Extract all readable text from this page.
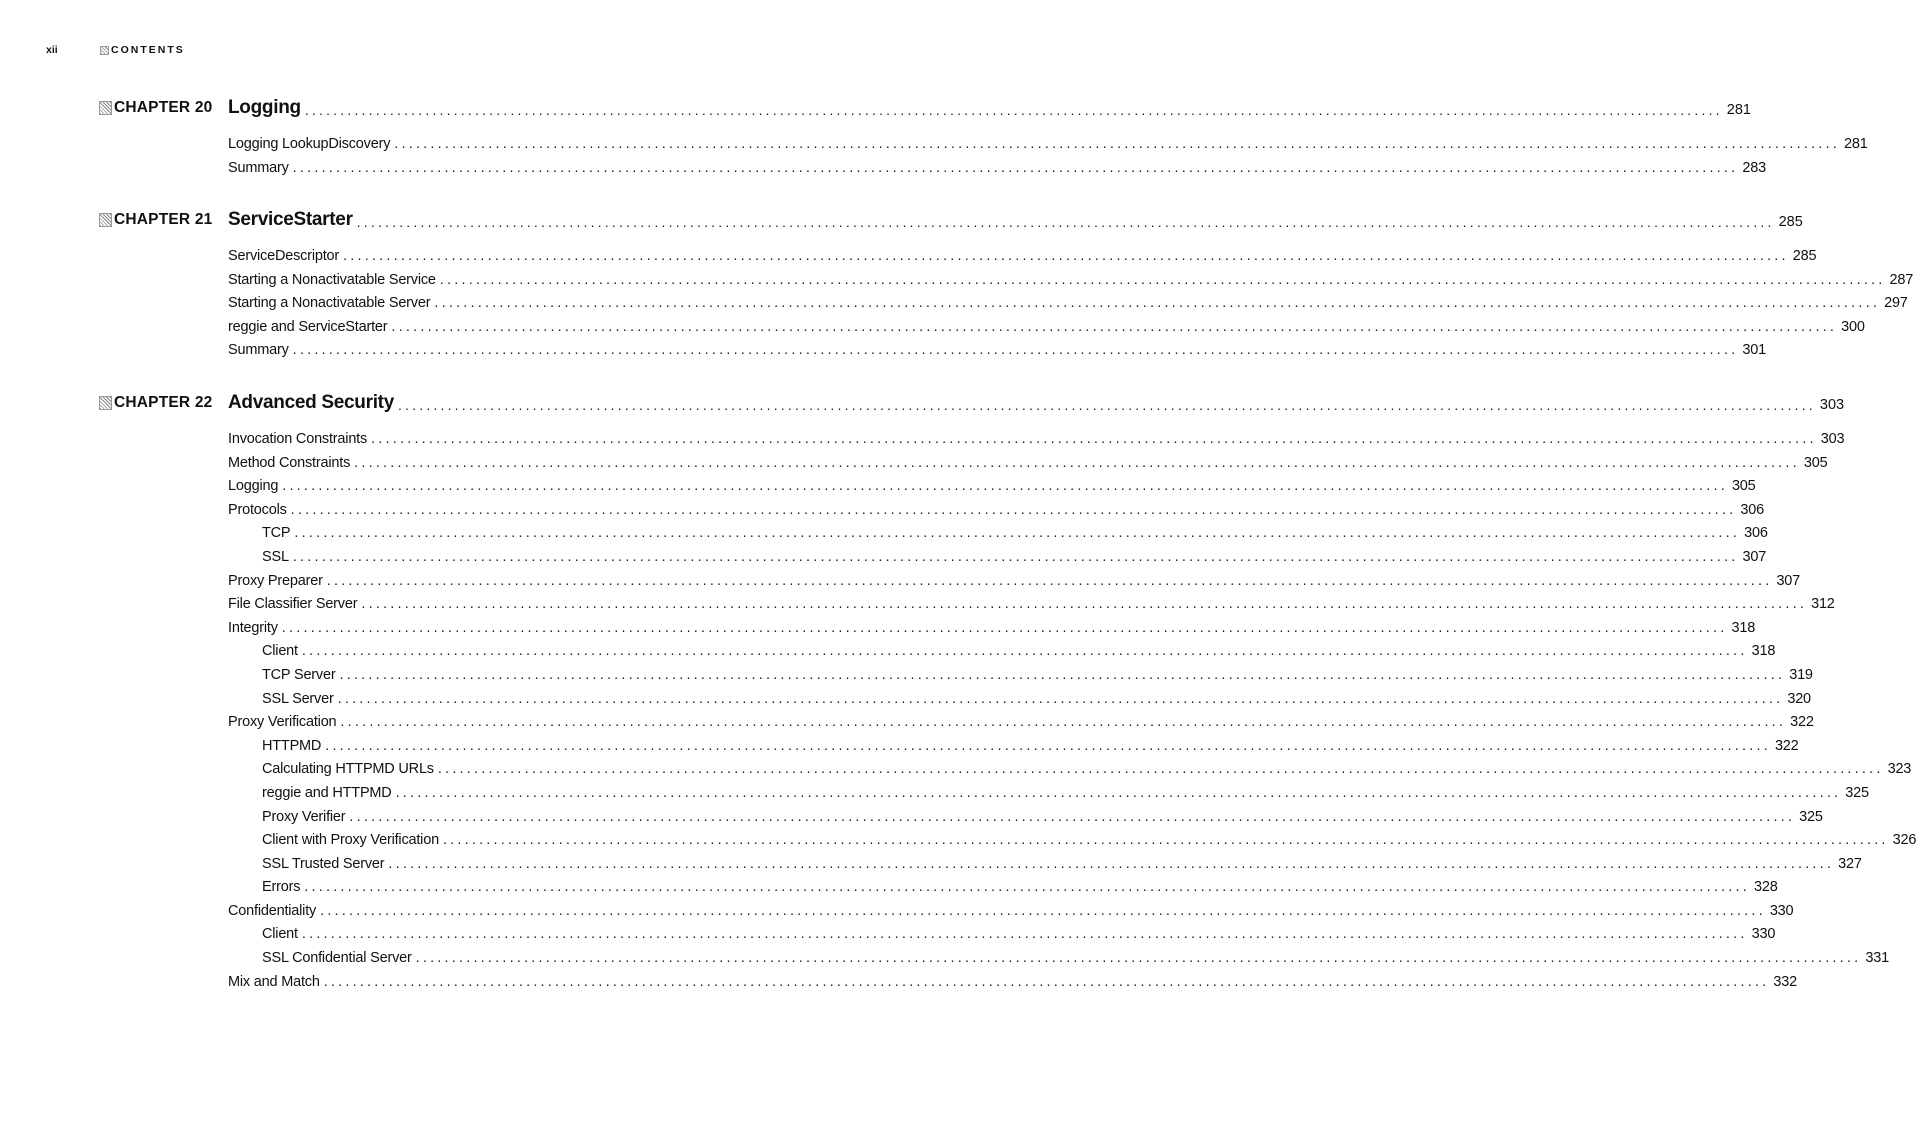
xii	CONTENTS
CHAPTER 20 Logging ........................................................................................................................................................................................................ 281
Logging LookupDiscovery ........................................................................................................................................................................................................ 281
Summary ........................................................................................................................................................................................................ 283
CHAPTER 21 ServiceStarter ........................................................................................................................................................................................................ 285
ServiceDescriptor ........................................................................................................................................................................................................ 285
Starting a Nonactivatable Service ........................................................................................................................................................................................................ 287
Starting a Nonactivatable Server ........................................................................................................................................................................................................ 297
reggie and ServiceStarter ........................................................................................................................................................................................................ 300
Summary ........................................................................................................................................................................................................ 301
CHAPTER 22 Advanced Security ........................................................................................................................................................................................................ 303
Invocation Constraints ........................................................................................................................................................................................................ 303
Method Constraints ........................................................................................................................................................................................................ 305
Logging ........................................................................................................................................................................................................ 305
Protocols ........................................................................................................................................................................................................ 306
TCP ........................................................................................................................................................................................................ 306
SSL ........................................................................................................................................................................................................ 307
Proxy Preparer ........................................................................................................................................................................................................ 307
File Classifier Server ........................................................................................................................................................................................................ 312
Integrity ........................................................................................................................................................................................................ 318
Client ........................................................................................................................................................................................................ 318
TCP Server ........................................................................................................................................................................................................ 319
SSL Server ........................................................................................................................................................................................................ 320
Proxy Verification ........................................................................................................................................................................................................ 322
HTTPMD ........................................................................................................................................................................................................ 322
Calculating HTTPMD URLs ........................................................................................................................................................................................................ 323
reggie and HTTPMD ........................................................................................................................................................................................................ 325
Proxy Verifier ........................................................................................................................................................................................................ 325
Client with Proxy Verification ........................................................................................................................................................................................................ 326
SSL Trusted Server ........................................................................................................................................................................................................ 327
Errors ........................................................................................................................................................................................................ 328
Confidentiality ........................................................................................................................................................................................................ 330
Client ........................................................................................................................................................................................................ 330
SSL Confidential Server ........................................................................................................................................................................................................ 331
Mix and Match ........................................................................................................................................................................................................ 332
